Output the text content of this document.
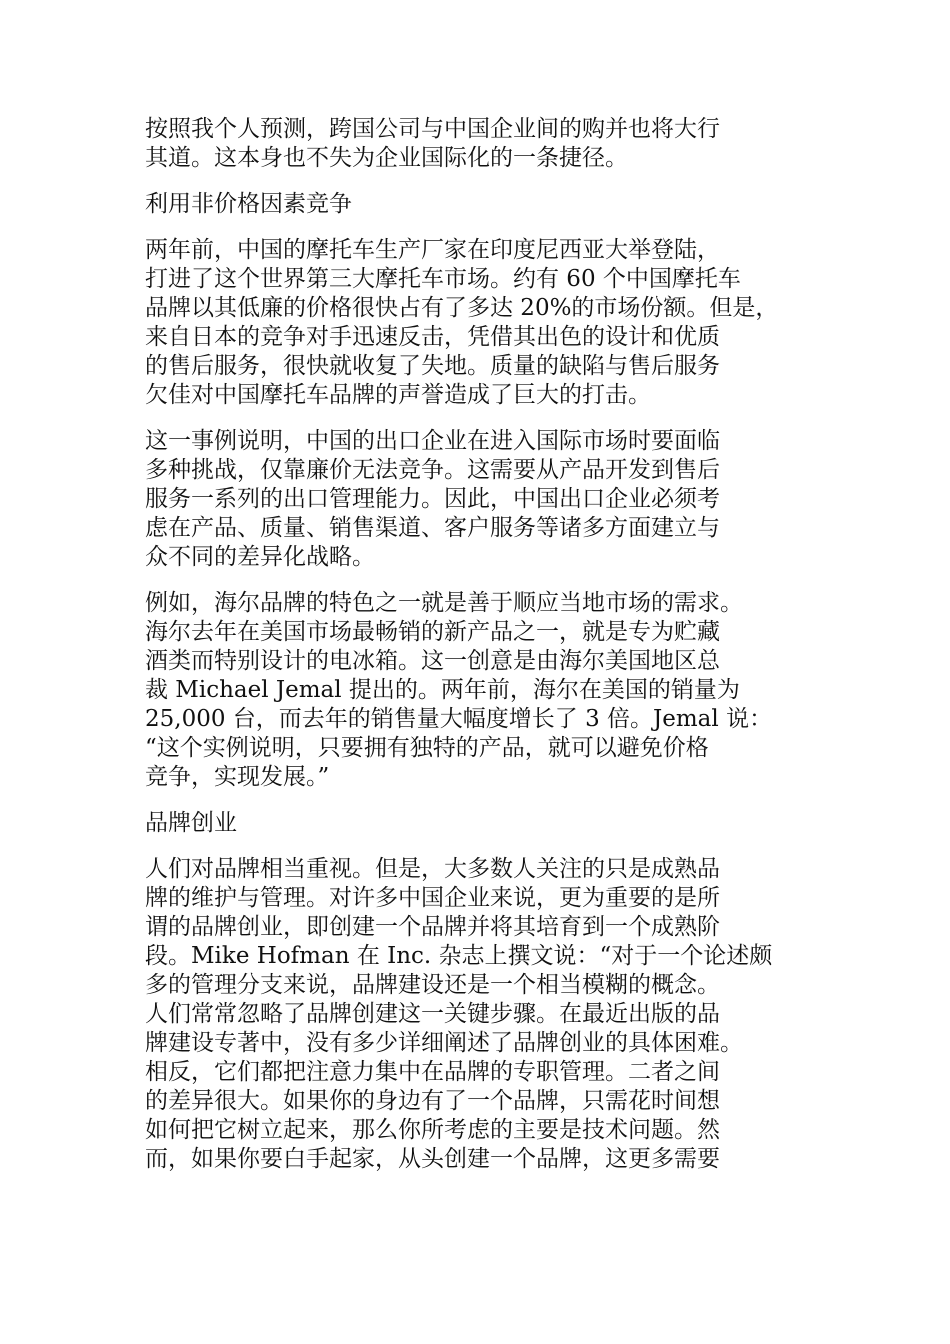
按照我个人预测，跨国公司与中国企业间的购并也将大行
其道。这本身也不失为企业国际化的一条捷径。
利用非价格因素竞争
两年前，中国的摩托车生产厂家在印度尼西亚大举登陆，
打进了这个世界第三大摩托车市场。约有 60 个中国摩托车
品牌以其低廉的价格很快占有了多达 20%的市场份额。但是，
来自日本的竞争对手迅速反击，凭借其出色的设计和优质
的售后服务，很快就收复了失地。质量的缺陷与售后服务
欠佳对中国摩托车品牌的声誉造成了巨大的打击。
这一事例说明，中国的出口企业在进入国际市场时要面临
多种挑战，仅靠廉价无法竞争。这需要从产品开发到售后
服务一系列的出口管理能力。因此，中国出口企业必须考
虑在产品、质量、销售渠道、客户服务等诸多方面建立与
众不同的差异化战略。
例如，海尔品牌的特色之一就是善于顺应当地市场的需求。
海尔去年在美国市场最畅销的新产品之一，就是专为贮藏
酒类而特别设计的电冰箱。这一创意是由海尔美国地区总
裁 Michael Jemal 提出的。两年前，海尔在美国的销量为
25,000 台，而去年的销售量大幅度增长了 3 倍。Jemal 说：
“这个实例说明，只要拥有独特的产品，就可以避免价格
竞争，实现发展。”
品牌创业
人们对品牌相当重视。但是，大多数人关注的只是成熟品
牌的维护与管理。对许多中国企业来说，更为重要的是所
谓的品牌创业，即创建一个品牌并将其培育到一个成熟阶
段。Mike Hofman 在 Inc. 杂志上撰文说：“对于一个论述颇
多的管理分支来说，品牌建设还是一个相当模糊的概念。
人们常常忽略了品牌创建这一关键步骤。在最近出版的品
牌建设专著中，没有多少详细阐述了品牌创业的具体困难。
相反，它们都把注意力集中在品牌的专职管理。二者之间
的差异很大。如果你的身边有了一个品牌，只需花时间想
如何把它树立起来，那么你所考虑的主要是技术问题。然
而，如果你要白手起家，从头创建一个品牌，这更多需要
